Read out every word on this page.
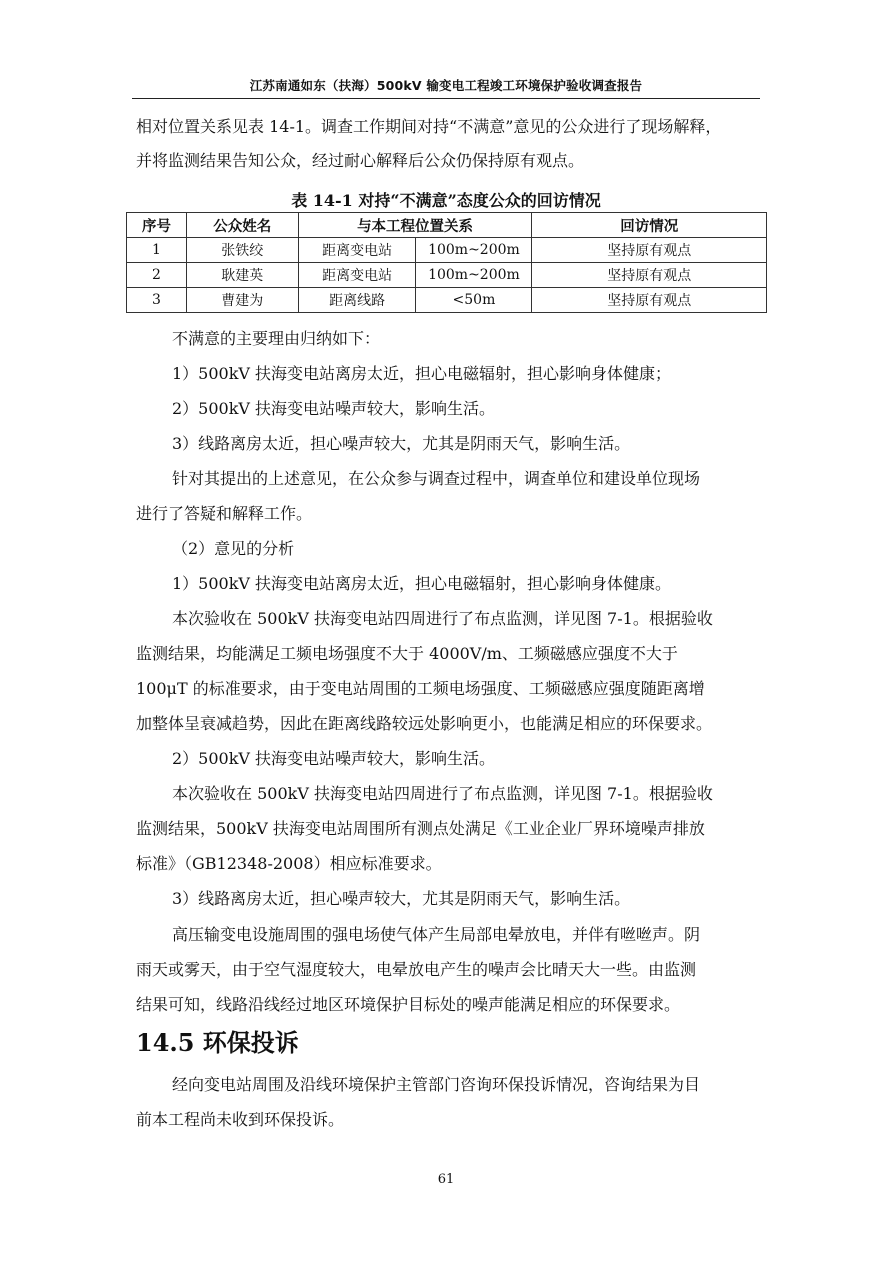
江苏南通如东（扶海）500kV 输变电工程竣工环境保护验收调查报告
相对位置关系见表 14-1。调查工作期间对持“不满意”意见的公众进行了现场解释，
并将监测结果告知公众，经过耐心解释后公众仍保持原有观点。
表 14-1 对持“不满意”态度公众的回访情况
序号	公众姓名	与本工程位置关系		回访情况
1	张铁绞	距离变电站	100m~200m	坚持原有观点
2	耿建英	距离变电站	100m~200m	坚持原有观点
3	曹建为	距离线路	<50m	坚持原有观点
不满意的主要理由归纳如下：
1）500kV 扶海变电站离房太近，担心电磁辐射，担心影响身体健康；
2）500kV 扶海变电站噪声较大，影响生活。
3）线路离房太近，担心噪声较大，尤其是阴雨天气，影响生活。
针对其提出的上述意见，在公众参与调查过程中，调查单位和建设单位现场
进行了答疑和解释工作。
（2）意见的分析
1）500kV 扶海变电站离房太近，担心电磁辐射，担心影响身体健康。
本次验收在 500kV 扶海变电站四周进行了布点监测，详见图 7-1。根据验收
监测结果，均能满足工频电场强度不大于 4000V/m、工频磁感应强度不大于
100μT 的标准要求，由于变电站周围的工频电场强度、工频磁感应强度随距离增
加整体呈衰减趋势，因此在距离线路较远处影响更小，也能满足相应的环保要求。
2）500kV 扶海变电站噪声较大，影响生活。
本次验收在 500kV 扶海变电站四周进行了布点监测，详见图 7-1。根据验收
监测结果，500kV 扶海变电站周围所有测点处满足《工业企业厂界环境噪声排放
标准》（GB12348-2008）相应标准要求。
3）线路离房太近，担心噪声较大，尤其是阴雨天气，影响生活。
高压输变电设施周围的强电场使气体产生局部电晕放电，并伴有咝咝声。阴
雨天或雾天，由于空气湿度较大，电晕放电产生的噪声会比晴天大一些。由监测
结果可知，线路沿线经过地区环境保护目标处的噪声能满足相应的环保要求。
14.5 环保投诉
经向变电站周围及沿线环境保护主管部门咨询环保投诉情况，咨询结果为目
前本工程尚未收到环保投诉。
61
